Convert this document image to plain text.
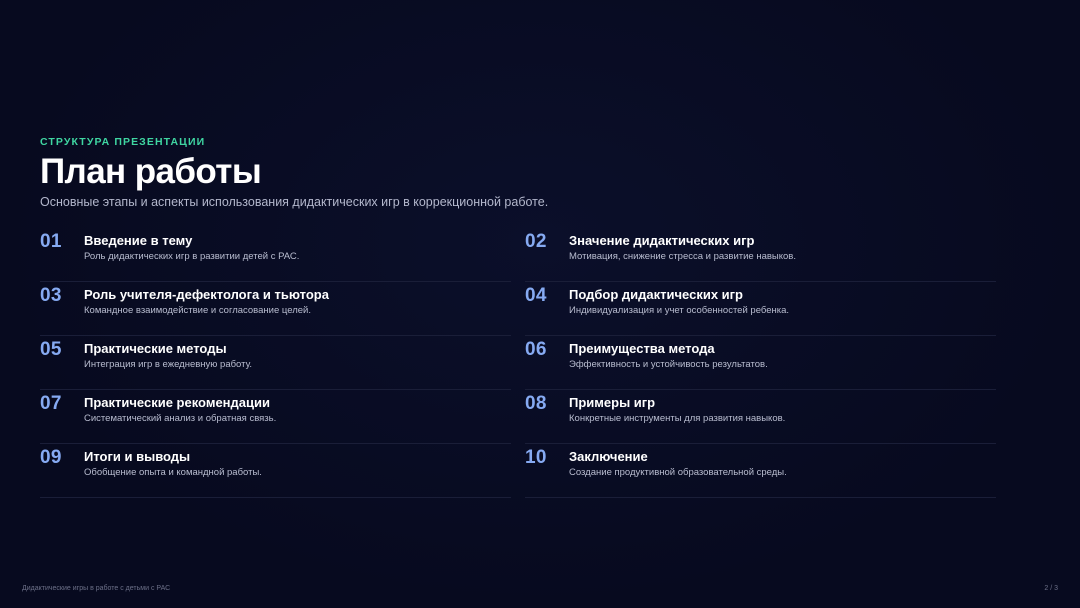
СТРУКТУРА ПРЕЗЕНТАЦИИ
План работы
Основные этапы и аспекты использования дидактических игр в коррекционной работе.
01 Введение в тему
Роль дидактических игр в развитии детей с РАС.
02 Значение дидактических игр
Мотивация, снижение стресса и развитие навыков.
03 Роль учителя-дефектолога и тьютора
Командное взаимодействие и согласование целей.
04 Подбор дидактических игр
Индивидуализация и учет особенностей ребенка.
05 Практические методы
Интеграция игр в ежедневную работу.
06 Преимущества метода
Эффективность и устойчивость результатов.
07 Практические рекомендации
Систематический анализ и обратная связь.
08 Примеры игр
Конкретные инструменты для развития навыков.
09 Итоги и выводы
Обобщение опыта и командной работы.
10 Заключение
Создание продуктивной образовательной среды.
Дидактические игры в работе с детьми с РАС	2 / 3
